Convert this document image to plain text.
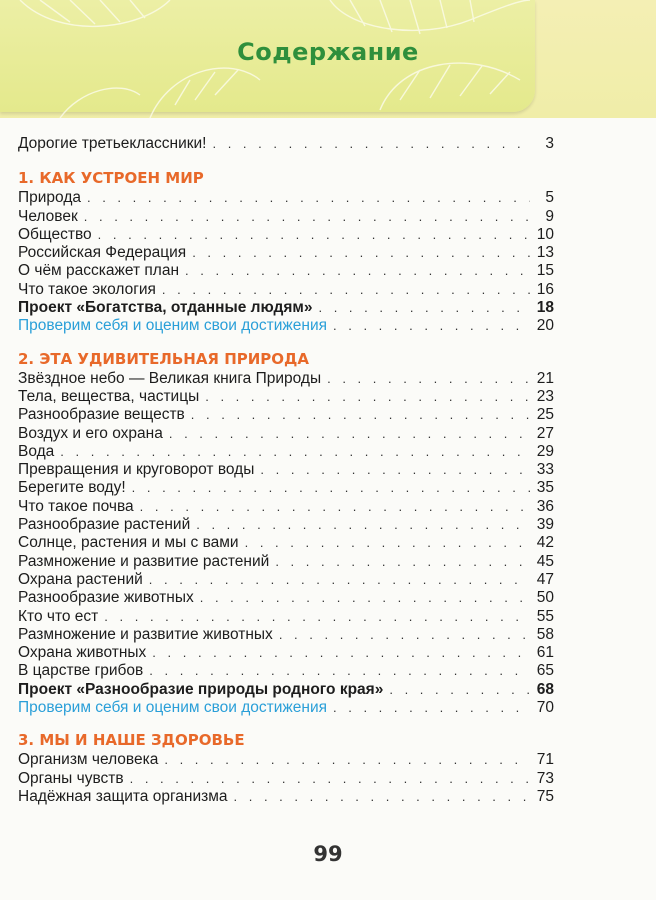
Содержание
Дорогие третьеклассники! . . .	3
1. КАК УСТРОЕН МИР
Природа . . .	5
Человек . . .	9
Общество . . .	10
Российская Федерация . . .	13
О чём расскажет план . . .	15
Что такое экология . . .	16
Проект «Богатства, отданные людям» . . .	18
Проверим себя и оценим свои достижения . . .	20
2. ЭТА УДИВИТЕЛЬНАЯ ПРИРОДА
Звёздное небо — Великая книга Природы . . .	21
Тела, вещества, частицы . . .	23
Разнообразие веществ . . .	25
Воздух и его охрана . . .	27
Вода . . .	29
Превращения и круговорот воды . . .	33
Берегите воду! . . .	35
Что такое почва . . .	36
Разнообразие растений . . .	39
Солнце, растения и мы с вами . . .	42
Размножение и развитие растений . . .	45
Охрана растений . . .	47
Разнообразие животных . . .	50
Кто что ест . . .	55
Размножение и развитие животных . . .	58
Охрана животных . . .	61
В царстве грибов . . .	65
Проект «Разнообразие природы родного края» . . .	68
Проверим себя и оценим свои достижения . . .	70
3. МЫ И НАШЕ ЗДОРОВЬЕ
Организм человека . . .	71
Органы чувств . . .	73
Надёжная защита организма . . .	75
99
